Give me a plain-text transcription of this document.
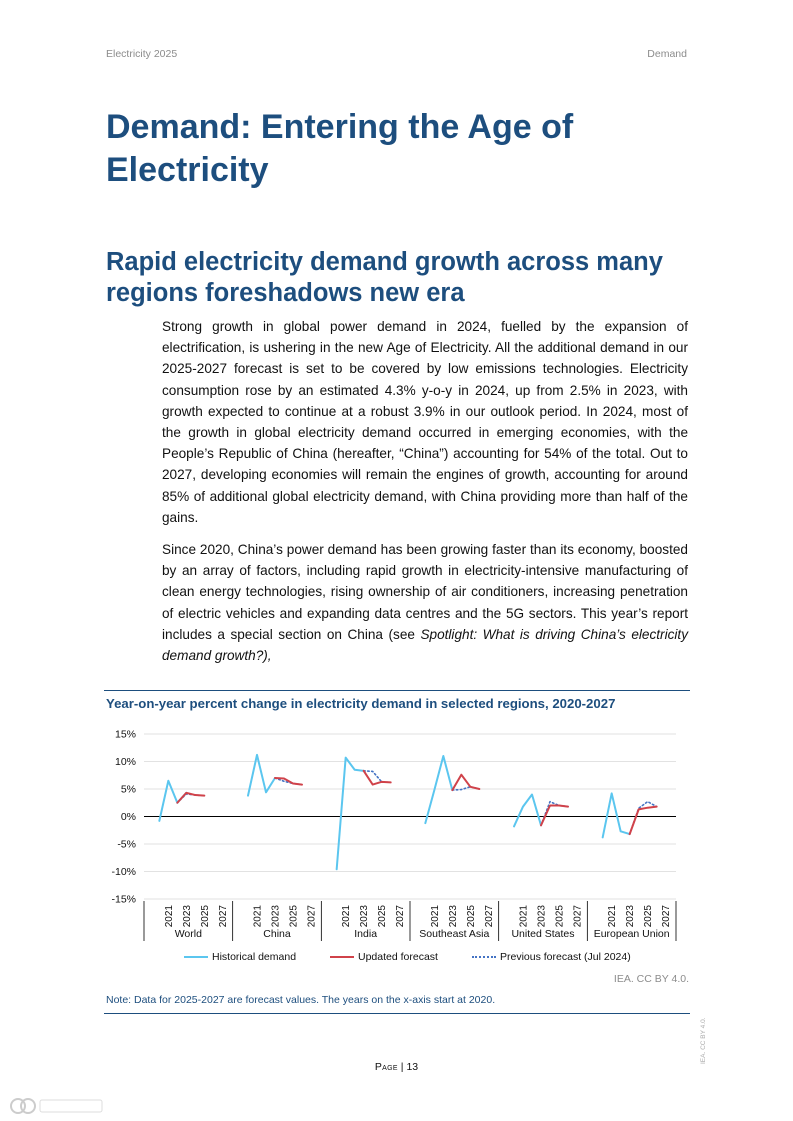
Electricity 2025	Demand
Demand: Entering the Age of Electricity
Rapid electricity demand growth across many regions foreshadows new era

Strong growth in global power demand in 2024, fuelled by the expansion of electrification, is ushering in the new Age of Electricity. All the additional demand in our 2025-2027 forecast is set to be covered by low emissions technologies. Electricity consumption rose by an estimated 4.3% y-o-y in 2024, up from 2.5% in 2023, with growth expected to continue at a robust 3.9% in our outlook period. In 2024, most of the growth in global electricity demand occurred in emerging economies, with the People’s Republic of China (hereafter, “China”) accounting for 54% of the total. Out to 2027, developing economies will remain the engines of growth, accounting for around 85% of additional global electricity demand, with China providing more than half of the gains.

Since 2020, China’s power demand has been growing faster than its economy, boosted by an array of factors, including rapid growth in electricity-intensive manufacturing of clean energy technologies, rising ownership of air conditioners, increasing penetration of electric vehicles and expanding data centres and the 5G sectors. This year’s report includes a special section on China (see Spotlight: What is driving China’s electricity demand growth?),

Year-on-year percent change in electricity demand in selected regions, 2020-2027
15%
10%
5%
0%
-5%
-10%
-15%
2021 2023 2025 2027
World
2021 2023 2025 2027
China
2021 2023 2025 2027
India
2021 2023 2025 2027
Southeast Asia
2021 2023 2025 2027
United States
2021 2023 2025 2027
European Union
Historical demand	Updated forecast	Previous forecast (Jul 2024)
IEA. CC BY 4.0.
Note: Data for 2025-2027 are forecast values. The years on the x-axis start at 2020.
Page | 13
IEA. CC BY 4.0.
